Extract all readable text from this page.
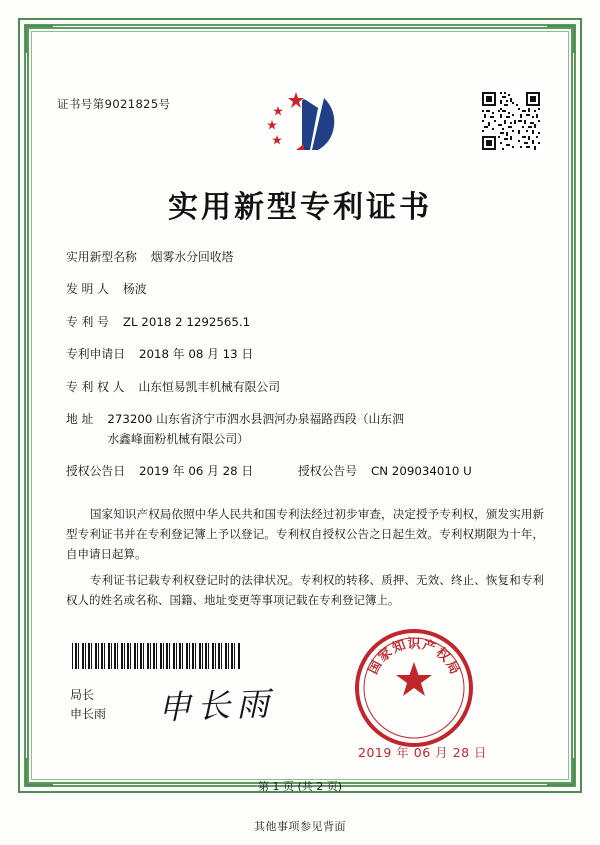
证书号第9021825号
实用新型专利证书
实用新型名称 烟雾水分回收塔
发 明 人 杨波
专 利 号 ZL 2018 2 1292565.1
专利申请日 2018 年 08 月 13 日
专 利 权 人 山东恒易凯丰机械有限公司
地 址 273200 山东省济宁市泗水县泗河办泉福路西段（山东泗
水鑫峰面粉机械有限公司）
授权公告日 2019 年 06 月 28 日	授权公告号 CN 209034010 U

国家知识产权局依照中华人民共和国专利法经过初步审查，决定授予专利权，颁发实用新型专利证书并在专利登记簿上予以登记。专利权自授权公告之日起生效。专利权期限为十年，自申请日起算。

专利证书记载专利权登记时的法律状况。专利权的转移、质押、无效、终止、恢复和专利权人的姓名或名称、国籍、地址变更等事项记载在专利登记簿上。

局长
申长雨 申长雨
国
家
知 识 产
权
局
2019 年 06 月 28 日
第 1 页 (共 2 页)
其他事项参见背面
